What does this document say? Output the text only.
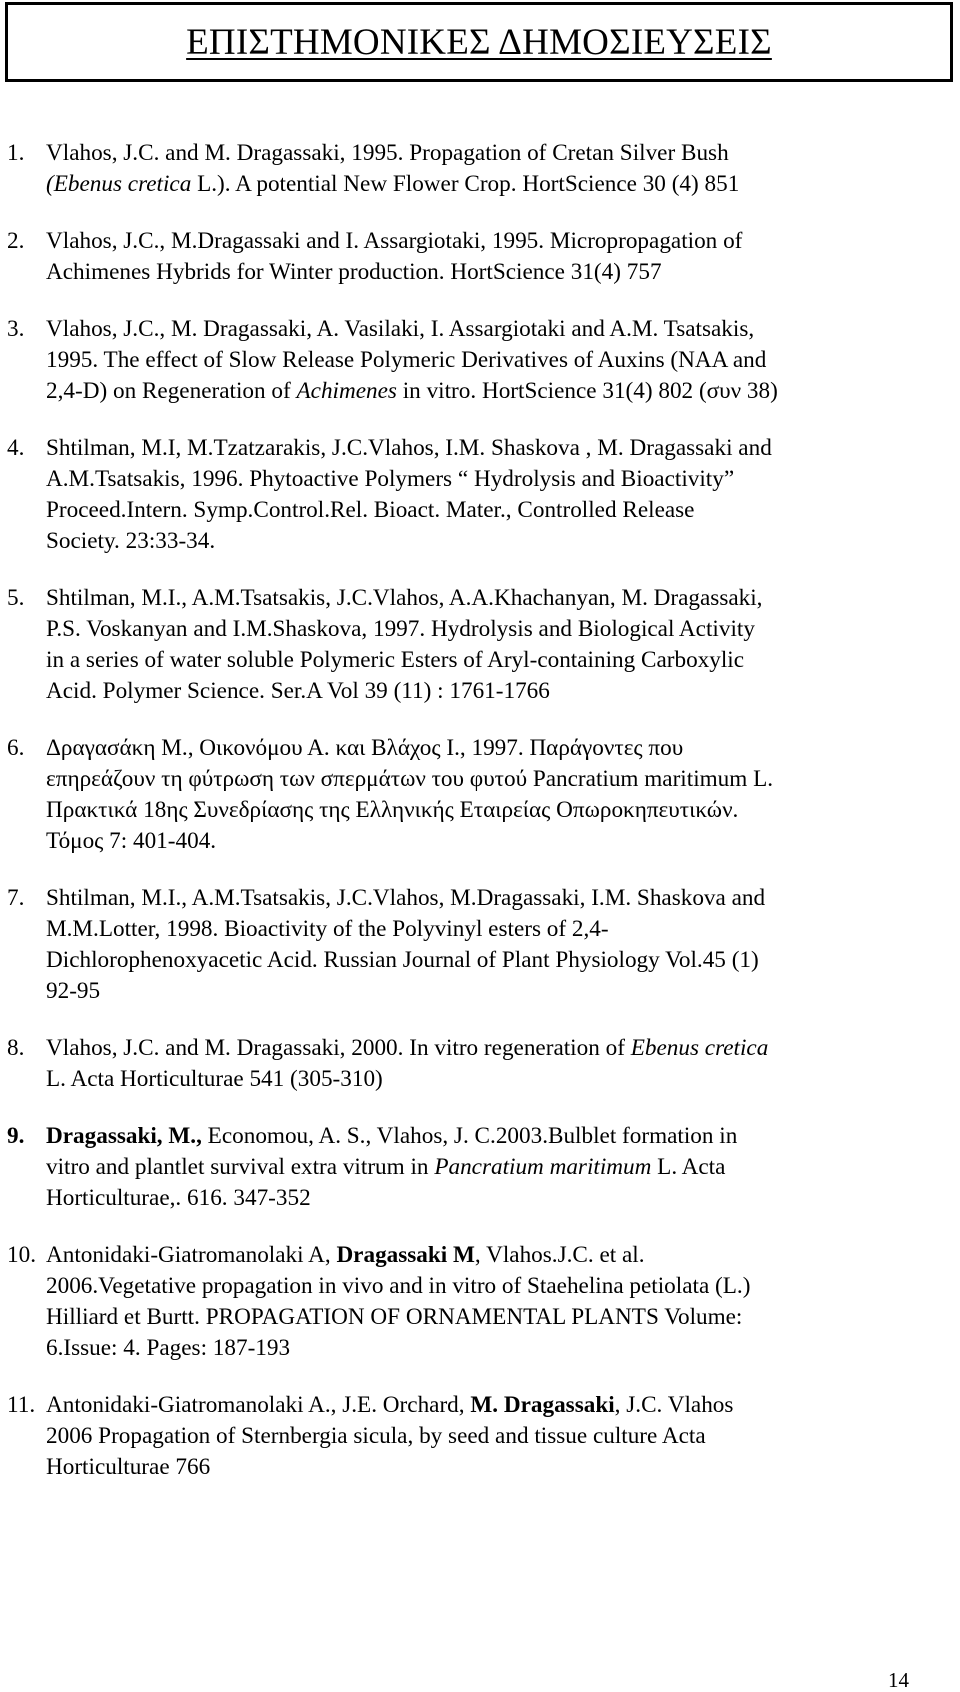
ΕΠΙΣΤΗΜΟΝΙΚΕΣ ΔΗΜΟΣΙΕΥΣΕΙΣ
1. Vlahos, J.C. and M. Dragassaki, 1995. Propagation of Cretan Silver Bush
(Ebenus cretica L.). A potential New Flower Crop. HortScience 30 (4) 851
2. Vlahos, J.C., M.Dragassaki and I. Assargiotaki, 1995. Micropropagation of
Achimenes Hybrids for Winter production. HortScience 31(4) 757
3. Vlahos, J.C., M. Dragassaki, A. Vasilaki, I. Assargiotaki and A.M. Tsatsakis,
1995. The effect of Slow Release Polymeric Derivatives of Auxins (NAA and
2,4-D) on Regeneration of Achimenes in vitro. HortScience 31(4) 802 (συν 38)
4. Shtilman, M.I, M.Tzatzarakis, J.C.Vlahos, I.M. Shaskova , M. Dragassaki and
A.M.Tsatsakis, 1996. Phytoactive Polymers “ Hydrolysis and Bioactivity”
Proceed.Intern. Symp.Control.Rel. Bioact. Mater., Controlled Release
Society. 23:33-34.
5. Shtilman, M.I., A.M.Tsatsakis, J.C.Vlahos, A.A.Khachanyan, M. Dragassaki,
P.S. Voskanyan and I.M.Shaskova, 1997. Hydrolysis and Biological Activity
in a series of water soluble Polymeric Esters of Aryl-containing Carboxylic
Acid. Polymer Science. Ser.A Vol 39 (11) : 1761-1766
6. Δραγασάκη Μ., Οικονόμου Α. και Βλάχος Ι., 1997. Παράγοντες που
επηρεάζουν τη φύτρωση των σπερμάτων του φυτού Pancratium maritimum L.
Πρακτικά 18ης Συνεδρίασης της Ελληνικής Εταιρείας Οπωροκηπευτικών.
Τόμος 7: 401-404.
7. Shtilman, M.I., A.M.Tsatsakis, J.C.Vlahos, M.Dragassaki, I.M. Shaskova and
M.M.Lotter, 1998. Bioactivity of the Polyvinyl esters of 2,4-
Dichlorophenoxyacetic Acid. Russian Journal of Plant Physiology Vol.45 (1)
92-95
8. Vlahos, J.C. and M. Dragassaki, 2000. In vitro regeneration of Ebenus cretica
L. Acta Horticulturae 541 (305-310)
9. Dragassaki, M., Economou, A. S., Vlahos, J. C.2003.Bulblet formation in
vitro and plantlet survival extra vitrum in Pancratium maritimum L. Acta
Horticulturae,. 616. 347-352
10. Antonidaki-Giatromanolaki A, Dragassaki M, Vlahos.J.C. et al.
2006.Vegetative propagation in vivo and in vitro of Staehelina petiolata (L.)
Hilliard et Burtt. PROPAGATION OF ORNAMENTAL PLANTS Volume:
6.Issue: 4. Pages: 187-193
11. Antonidaki-Giatromanolaki A., J.E. Orchard, M. Dragassaki, J.C. Vlahos
2006 Propagation of Sternbergia sicula, by seed and tissue culture Acta
Horticulturae 766
14
